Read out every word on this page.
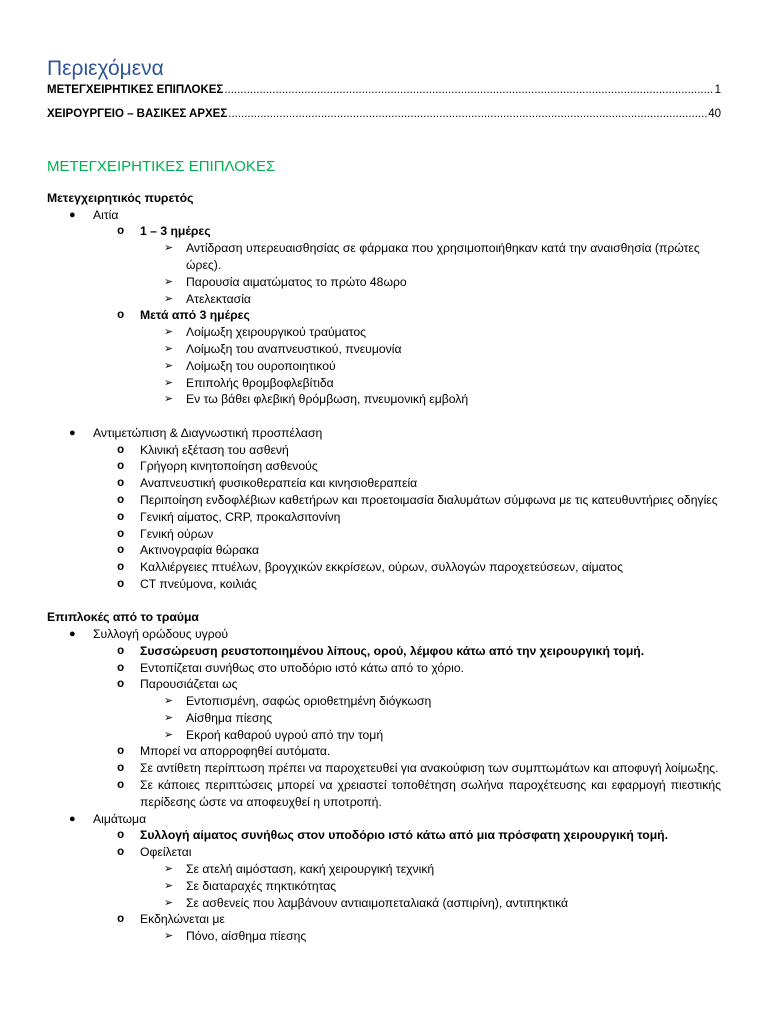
Περιεχόμενα
ΜΕΤΕΓΧΕΙΡΗΤΙΚΕΣ ΕΠΙΠΛΟΚΕΣ .....	1
ΧΕΙΡΟΥΡΓΕΙΟ – ΒΑΣΙΚΕΣ ΑΡΧΕΣ .....	40
ΜΕΤΕΓΧΕΙΡΗΤΙΚΕΣ ΕΠΙΠΛΟΚΕΣ
Μετεγχειρητικός πυρετός
● Αιτία
o 1 – 3 ημέρες
➢ Αντίδραση υπερευαισθησίας σε φάρμακα που χρησιμοποιήθηκαν κατά την αναισθησία (πρώτες ώρες).
➢ Παρουσία αιματώματος το πρώτο 48ωρο
➢ Ατελεκτασία
o Μετά από 3 ημέρες
➢ Λοίμωξη χειρουργικού τραύματος
➢ Λοίμωξη του αναπνευστικού, πνευμονία
➢ Λοίμωξη του ουροποιητικού
➢ Επιπολής θρομβοφλεβίτιδα
➢ Εν τω βάθει φλεβική θρόμβωση, πνευμονική εμβολή
● Αντιμετώπιση & Διαγνωστική προσπέλαση
o Κλινική εξέταση του ασθενή
o Γρήγορη κινητοποίηση ασθενούς
o Αναπνευστική φυσικοθεραπεία και κινησιοθεραπεία
o Περιποίηση ενδοφλέβιων καθετήρων και προετοιμασία διαλυμάτων σύμφωνα με τις κατευθυντήριες οδηγίες
o Γενική αίματος, CRP, προκαλσιτονίνη
o Γενική ούρων
o Ακτινογραφία θώρακα
o Καλλιέργειες πτυέλων, βρογχικών εκκρίσεων, ούρων, συλλογών παροχετεύσεων, αίματος
o CT πνεύμονα, κοιλιάς
Επιπλοκές από το τραύμα
● Συλλογή ορώδους υγρού
o Συσσώρευση ρευστοποιημένου λίπους, ορού, λέμφου κάτω από την χειρουργική τομή.
o Εντοπίζεται συνήθως στο υποδόριο ιστό κάτω από το χόριο.
o Παρουσιάζεται ως
➢ Εντοπισμένη, σαφώς οριοθετημένη διόγκωση
➢ Αίσθημα πίεσης
➢ Εκροή καθαρού υγρού από την τομή
o Μπορεί να απορροφηθεί αυτόματα.
o Σε αντίθετη περίπτωση πρέπει να παροχετευθεί για ανακούφιση των συμπτωμάτων και αποφυγή λοίμωξης.
o Σε κάποιες περιπτώσεις μπορεί να χρειαστεί τοποθέτηση σωλήνα παροχέτευσης και εφαρμογή πιεστικής περίδεσης ώστε να αποφευχθεί η υποτροπή.
● Αιμάτωμα
o Συλλογή αίματος συνήθως στον υποδόριο ιστό κάτω από μια πρόσφατη χειρουργική τομή.
o Οφείλεται
➢ Σε ατελή αιμόσταση, κακή χειρουργική τεχνική
➢ Σε διαταραχές πηκτικότητας
➢ Σε ασθενείς που λαμβάνουν αντιαιμοπεταλιακά (ασπιρίνη), αντιπηκτικά
o Εκδηλώνεται με
➢ Πόνο, αίσθημα πίεσης
